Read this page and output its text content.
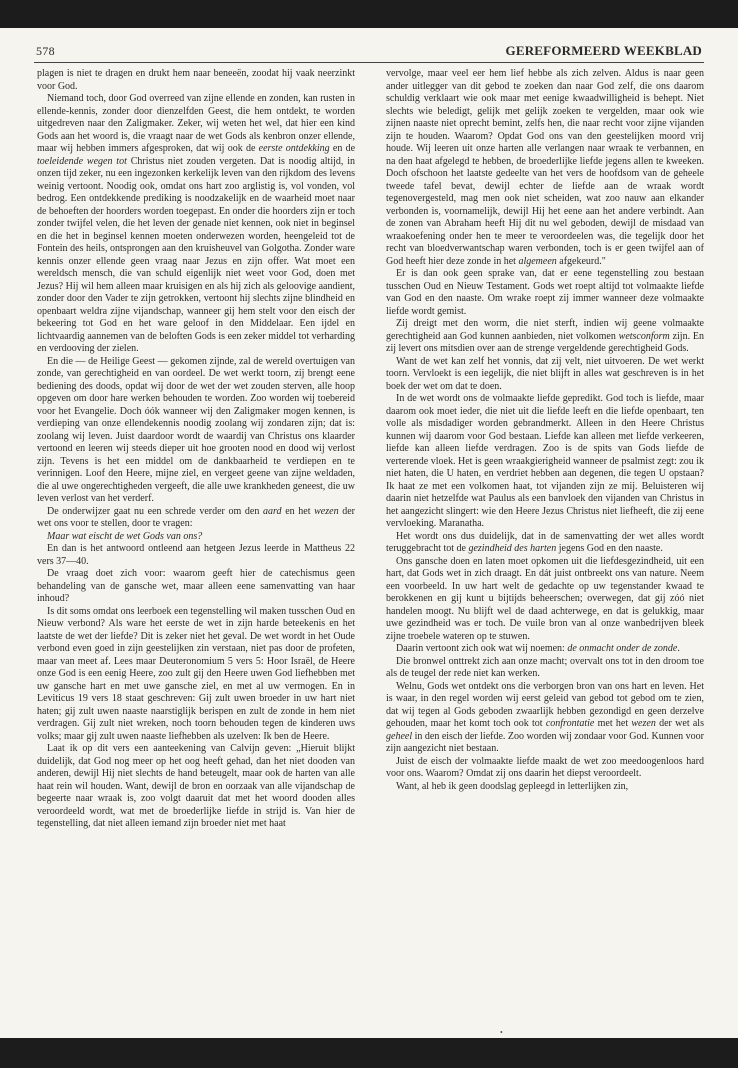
578	GEREFORMEERD WEEKBLAD

plagen is niet te dragen en drukt hem naar beneeën, zoodat hij vaak neerzinkt voor God.

Niemand toch, door God overreed van zijne ellende en zonden, kan rusten in ellende-kennis, zonder door dienzelfden Geest, die hem ontdekt, te worden uitgedreven naar den Zaligmaker. Zeker, wij weten het wel, dat hier een kind Gods aan het woord is, die vraagt naar de wet Gods als kenbron onzer ellende, maar wij hebben immers afgesproken, dat wij ook de eerste ontdekking en de toeleidende wegen tot Christus niet zouden vergeten. Dat is noodig altijd, in onzen tijd zeker, nu een ingezonken kerkelijk leven van den rijkdom des levens weinig vertoont. Noodig ook, omdat ons hart zoo arglistig is, vol vonden, vol bedrog. Een ontdekkende prediking is noodzakelijk en de waarheid moet naar de behoeften der hoorders worden toegepast. En onder die hoorders zijn er toch zonder twijfel velen, die het leven der genade niet kennen, ook niet in beginsel en die het in beginsel kennen moeten onderwezen worden, heengeleid tot de Fontein des heils, ontsprongen aan den kruisheuvel van Golgotha. Zonder ware kennis onzer ellende geen vraag naar Jezus en zijn offer. Wat moet een wereldsch mensch, die van schuld eigenlijk niet weet voor God, doen met Jezus? Hij wil hem alleen maar kruisigen en als hij zich als geloovige aandient, zonder door den Vader te zijn getrokken, vertoont hij slechts zijne blindheid en openbaart weldra zijne vijandschap, wanneer gij hem stelt voor den eisch der bekeering tot God en het ware geloof in den Middelaar. Een ijdel en lichtvaardig aannemen van de beloften Gods is een zeker middel tot verharding en verdooving der zielen.

En die — de Heilige Geest — gekomen zijnde, zal de wereld overtuigen van zonde, van gerechtigheid en van oordeel. De wet werkt toorn, zij brengt eene bediening des doods, opdat wij door de wet der wet zouden sterven, alle hoop opgeven om door hare werken behouden te worden. Zoo worden wij toebereid voor het Evangelie. Doch óók wanneer wij den Zaligmaker mogen kennen, is verdieping van onze ellendekennis noodig zoolang wij zondaren zijn; dat is: zoolang wij leven. Juist daardoor wordt de waardij van Christus ons klaarder vertoond en leeren wij steeds dieper uit hoe grooten nood en dood wij verlost zijn. Tevens is het een middel om de dankbaarheid te verdiepen en te verinnigen. Loof den Heere, mijne ziel, en vergeet geene van zijne weldaden, die al uwe ongerechtigheden vergeeft, die alle uwe krankheden geneest, die uw leven verlost van het verderf.

De onderwijzer gaat nu een schrede verder om den aard en het wezen der wet ons voor te stellen, door te vragen:

Maar wat eischt de wet Gods van ons?

En dan is het antwoord ontleend aan hetgeen Jezus leerde in Mattheus 22 vers 37—40.

De vraag doet zich voor: waarom geeft hier de catechismus geen behandeling van de gansche wet, maar alleen eene samenvatting van haar inhoud?

Is dit soms omdat ons leerboek een tegenstelling wil maken tusschen Oud en Nieuw verbond? Als ware het eerste de wet in zijn harde beteekenis en het laatste de wet der liefde? Dit is zeker niet het geval. De wet wordt in het Oude verbond even goed in zijn geestelijken zin verstaan, niet pas door de profeten, maar van meet af. Lees maar Deuteronomium 5 vers 5: Hoor Israël, de Heere onze God is een eenig Heere, zoo zult gij den Heere uwen God liefhebben met uw gansche hart en met uwe gansche ziel, en met al uw vermogen. En in Leviticus 19 vers 18 staat geschreven: Gij zult uwen broeder in uw hart niet haten; gij zult uwen naaste naarstiglijk berispen en zult de zonde in hem niet verdragen. Gij zult niet wreken, noch toorn behouden tegen de kinderen uws volks; maar gij zult uwen naaste liefhebben als uzelven: Ik ben de Heere.

Laat ik op dit vers een aanteekening van Calvijn geven: „Hieruit blijkt duidelijk, dat God nog meer op het oog heeft gehad, dan het niet dooden van anderen, dewijl Hij niet slechts de hand beteugelt, maar ook de harten van alle haat rein wil houden. Want, dewijl de bron en oorzaak van alle vijandschap de begeerte naar wraak is, zoo volgt daaruit dat met het woord dooden alles veroordeeld wordt, wat met de broederlijke liefde in strijd is. Van hier de tegenstelling, dat niet alleen iemand zijn broeder niet met haat

vervolge, maar veel eer hem lief hebbe als zich zelven. Aldus is naar geen ander uitlegger van dit gebod te zoeken dan naar God zelf, die ons daarom schuldig verklaart wie ook maar met eenige kwaadwilligheid is behept. Niet slechts wie beledigt, gelijk met gelijk zoeken te vergelden, maar ook wie zijnen naaste niet oprecht bemint, zelfs hen, die naar recht voor zijne vijanden zijn te houden. Waarom? Opdat God ons van den geestelijken moord vrij houde. Wij leeren uit onze harten alle verlangen naar wraak te verbannen, en na den haat afgelegd te hebben, de broederlijke liefde jegens allen te kweeken. Doch ofschoon het laatste gedeelte van het vers de hoofdsom van de geheele tweede tafel bevat, dewijl echter de liefde aan de wraak wordt tegenovergesteld, mag men ook niet scheiden, wat zoo nauw aan elkander verbonden is, voornamelijk, dewijl Hij het eene aan het andere verbindt. Aan de zonen van Abraham heeft Hij dit nu wel geboden, dewijl de misdaad van wraakoefening onder hen te meer te veroordeelen was, die tegelijk door het recht van bloedverwantschap waren verbonden, toch is er geen twijfel aan of God heeft hier deze zonde in het algemeen afgekeurd."

Er is dan ook geen sprake van, dat er eene tegenstelling zou bestaan tusschen Oud en Nieuw Testament. Gods wet roept altijd tot volmaakte liefde van God en den naaste. Om wrake roept zij immer wanneer deze volmaakte liefde wordt gemist.

Zij dreigt met den worm, die niet sterft, indien wij geene volmaakte gerechtigheid aan God kunnen aanbieden, niet volkomen wetsconform zijn. En zij levert ons mitsdien over aan de strenge vergeldende gerechtigheid Gods.

Want de wet kan zelf het vonnis, dat zij velt, niet uitvoeren. De wet werkt toorn. Vervloekt is een iegelijk, die niet blijft in alles wat geschreven is in het boek der wet om dat te doen.

In de wet wordt ons de volmaakte liefde gepredikt. God toch is liefde, maar daarom ook moet ieder, die niet uit die liefde leeft en die liefde openbaart, ten volle als misdadiger worden gebrandmerkt. Alleen in den Heere Christus kunnen wij daarom voor God bestaan. Liefde kan alleen met liefde verkeeren, liefde kan alleen liefde verdragen. Zoo is de spits van Gods liefde de verterende vloek. Het is geen wraakgierigheid wanneer de psalmist zegt: zou ik niet haten, die U haten, en verdriet hebben aan degenen, die tegen U opstaan? Ik haat ze met een volkomen haat, tot vijanden zijn ze mij. Beluisteren wij daarin niet hetzelfde wat Paulus als een banvloek den vijanden van Christus in het aangezicht slingert: wie den Heere Jezus Christus niet liefheeft, die zij eene vervloeking. Maranatha.

Het wordt ons dus duidelijk, dat in de samenvatting der wet alles wordt teruggebracht tot de gezindheid des harten jegens God en den naaste.

Ons gansche doen en laten moet opkomen uit die liefdesgezindheid, uit een hart, dat Gods wet in zich draagt. En dát juist ontbreekt ons van nature. Neem een voorbeeld. In uw hart welt de gedachte op uw tegenstander kwaad te berokkenen en gij kunt u bijtijds beheerschen; overwegen, dat gij zóó niet handelen moogt. Nu blijft wel de daad achterwege, en dat is gelukkig, maar uwe gezindheid was er toch. De vuile bron van al onze wanbedrijven bleek zijne troebele wateren op te stuwen.

Daarin vertoont zich ook wat wij noemen: de onmacht onder de zonde.

Die bronwel onttrekt zich aan onze macht; overvalt ons tot in den droom toe als de teugel der rede niet kan werken.

Welnu, Gods wet ontdekt ons die verborgen bron van ons hart en leven. Het is waar, in den regel worden wij eerst geleid van gebod tot gebod om te zien, dat wij tegen al Gods geboden zwaarlijk hebben gezondigd en geen derzelve gehouden, maar het komt toch ook tot confrontatie met het wezen der wet als geheel in den eisch der liefde. Zoo worden wij zondaar voor God. Kunnen voor zijn aangezicht niet bestaan.

Juist de eisch der volmaakte liefde maakt de wet zoo meedoogenloos hard voor ons. Waarom? Omdat zij ons daarin het diepst veroordeelt.

Want, al heb ik geen doodslag gepleegd in letterlijken zin,

•
